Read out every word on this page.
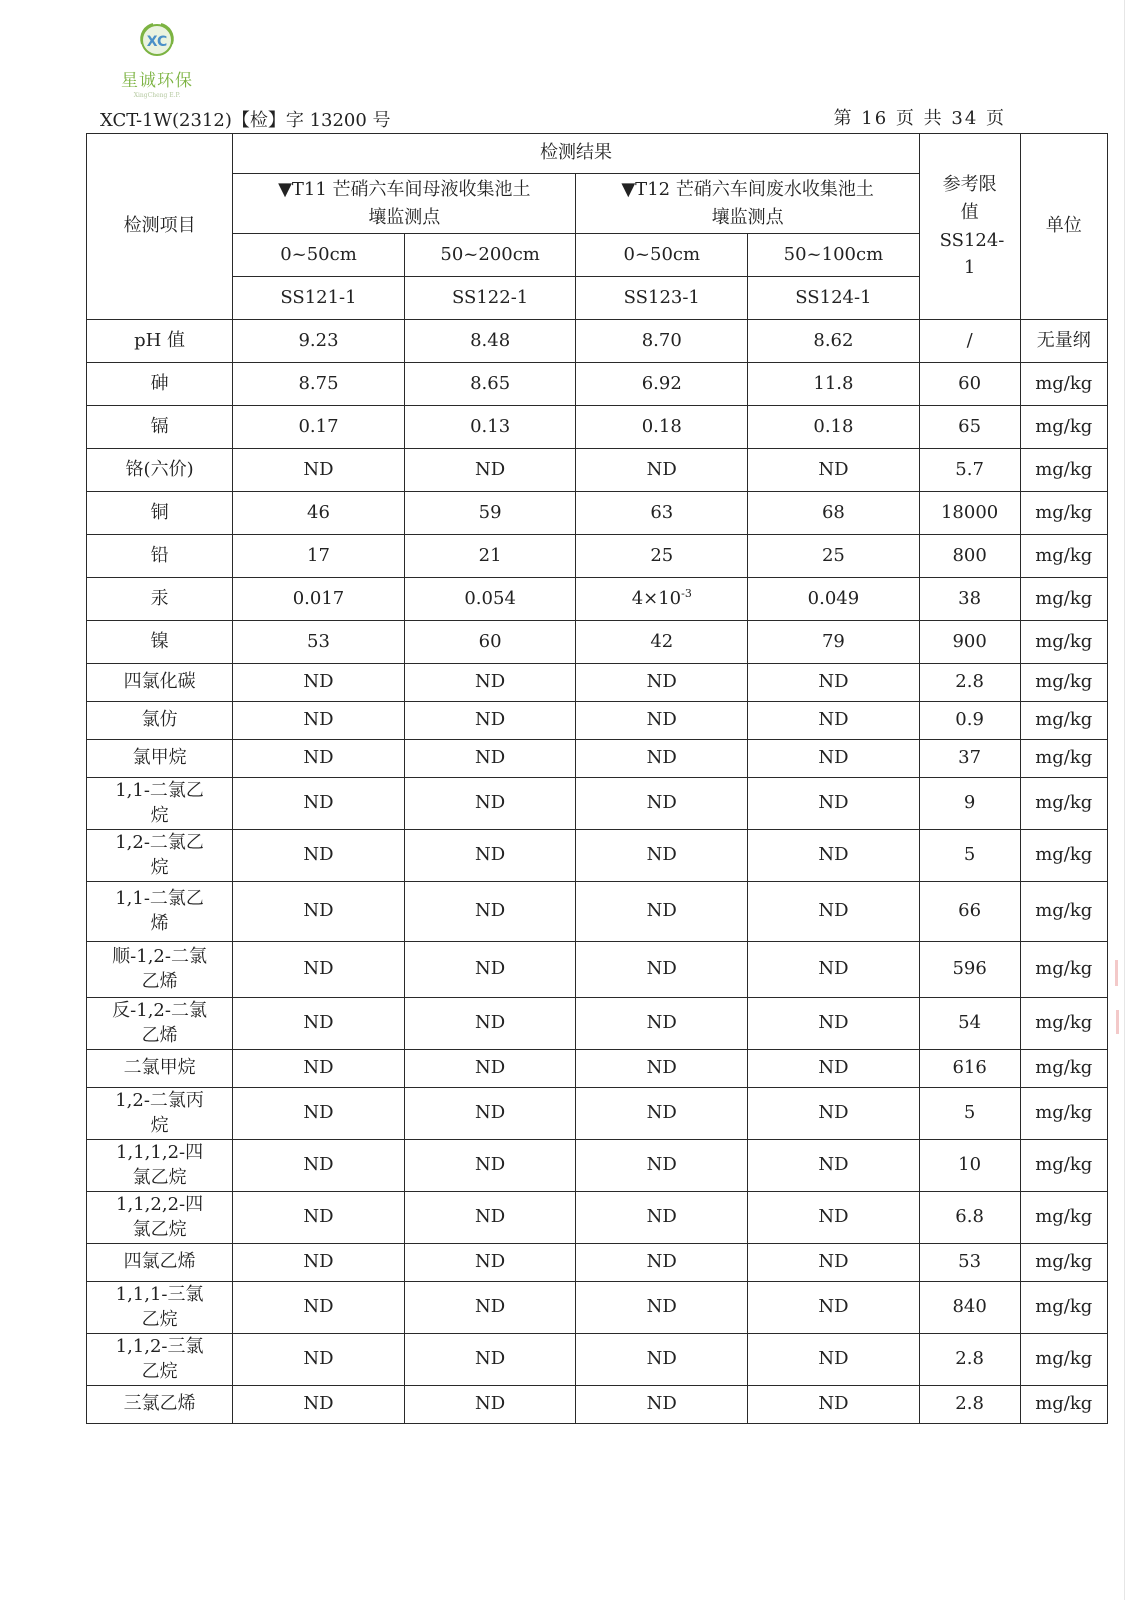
XC
星诚环保
XingCheng E.P.
XCT-1W(2312)【检】字 13200 号	第 16 页 共 34 页
检测项目	检测结果				参考限值 SS124-1	单位
	▼T11 芒硝六车间母液收集池土壤监测点		▼T12 芒硝六车间废水收集池土壤监测点			
	0~50cm	50~200cm	0~50cm	50~100cm		
	SS121-1	SS122-1	SS123-1	SS124-1		
pH 值	9.23	8.48	8.70	8.62	/	无量纲
砷	8.75	8.65	6.92	11.8	60	mg/kg
镉	0.17	0.13	0.18	0.18	65	mg/kg
铬(六价)	ND	ND	ND	ND	5.7	mg/kg
铜	46	59	63	68	18000	mg/kg
铅	17	21	25	25	800	mg/kg
汞	0.017	0.054	$4\times 10^{-3}$	0.049	38	mg/kg
镍	53	60	42	79	900	mg/kg
四氯化碳	ND	ND	ND	ND	2.8	mg/kg
氯仿	ND	ND	ND	ND	0.9	mg/kg
氯甲烷	ND	ND	ND	ND	37	mg/kg
1,1-二氯乙烷	ND	ND	ND	ND	9	mg/kg
1,2-二氯乙烷	ND	ND	ND	ND	5	mg/kg
1,1-二氯乙烯	ND	ND	ND	ND	66	mg/kg
顺-1,2-二氯乙烯	ND	ND	ND	ND	596	mg/kg
反-1,2-二氯乙烯	ND	ND	ND	ND	54	mg/kg
二氯甲烷	ND	ND	ND	ND	616	mg/kg
1,2-二氯丙烷	ND	ND	ND	ND	5	mg/kg
1,1,1,2-四氯乙烷	ND	ND	ND	ND	10	mg/kg
1,1,2,2-四氯乙烷	ND	ND	ND	ND	6.8	mg/kg
四氯乙烯	ND	ND	ND	ND	53	mg/kg
1,1,1-三氯乙烷	ND	ND	ND	ND	840	mg/kg
1,1,2-三氯乙烷	ND	ND	ND	ND	2.8	mg/kg
三氯乙烯	ND	ND	ND	ND	2.8	mg/kg
